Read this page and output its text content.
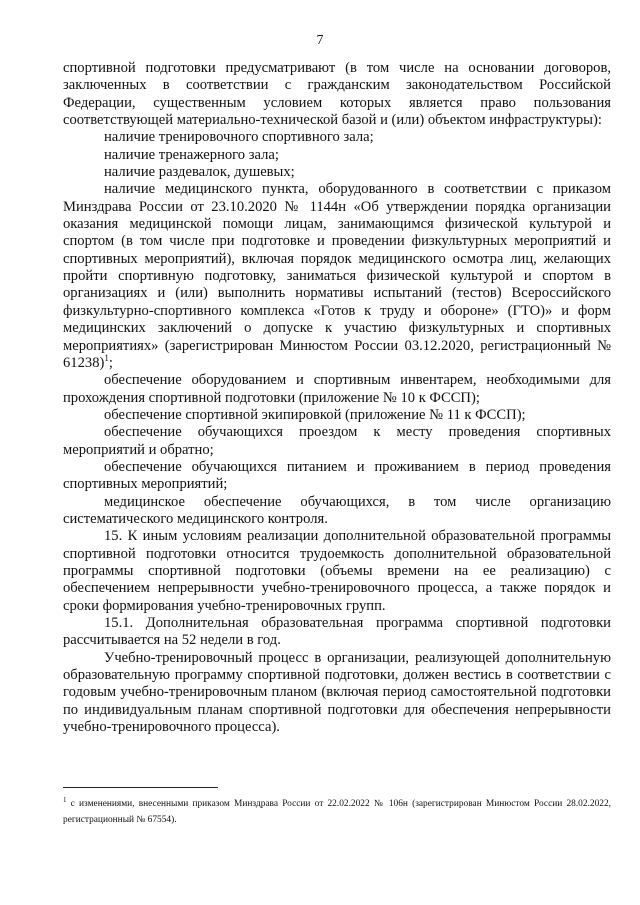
7

спортивной подготовки предусматривают (в том числе на основании договоров, заключенных в соответствии с гражданским законодательством Российской Федерации, существенным условием которых является право пользования соответствующей материально-технической базой и (или) объектом инфраструктуры):

наличие тренировочного спортивного зала;

наличие тренажерного зала;

наличие раздевалок, душевых;

наличие медицинского пункта, оборудованного в соответствии с приказом Минздрава России от 23.10.2020 № 1144н «Об утверждении порядка организации оказания медицинской помощи лицам, занимающимся физической культурой и спортом (в том числе при подготовке и проведении физкультурных мероприятий и спортивных мероприятий), включая порядок медицинского осмотра лиц, желающих пройти спортивную подготовку, заниматься физической культурой и спортом в организациях и (или) выполнить нормативы испытаний (тестов) Всероссийского физкультурно-спортивного комплекса «Готов к труду и обороне» (ГТО)» и форм медицинских заключений о допуске к участию физкультурных и спортивных мероприятиях» (зарегистрирован Минюстом России 03.12.2020, регистрационный № 61238)$^1$;

обеспечение оборудованием и спортивным инвентарем, необходимыми для прохождения спортивной подготовки (приложение № 10 к ФССП);

обеспечение спортивной экипировкой (приложение № 11 к ФССП);

обеспечение обучающихся проездом к месту проведения спортивных мероприятий и обратно;

обеспечение обучающихся питанием и проживанием в период проведения спортивных мероприятий;

медицинское обеспечение обучающихся, в том числе организацию систематического медицинского контроля.

15. К иным условиям реализации дополнительной образовательной программы спортивной подготовки относится трудоемкость дополнительной образовательной программы спортивной подготовки (объемы времени на ее реализацию) с обеспечением непрерывности учебно-тренировочного процесса, а также порядок и сроки формирования учебно-тренировочных групп.

15.1. Дополнительная образовательная программа спортивной подготовки рассчитывается на 52 недели в год.

Учебно-тренировочный процесс в организации, реализующей дополнительную образовательную программу спортивной подготовки, должен вестись в соответствии с годовым учебно-тренировочным планом (включая период самостоятельной подготовки по индивидуальным планам спортивной подготовки для обеспечения непрерывности учебно-тренировочного процесса).

$^1$ с изменениями, внесенными приказом Минздрава России от 22.02.2022 № 106н (зарегистрирован Минюстом России 28.02.2022, регистрационный № 67554).
